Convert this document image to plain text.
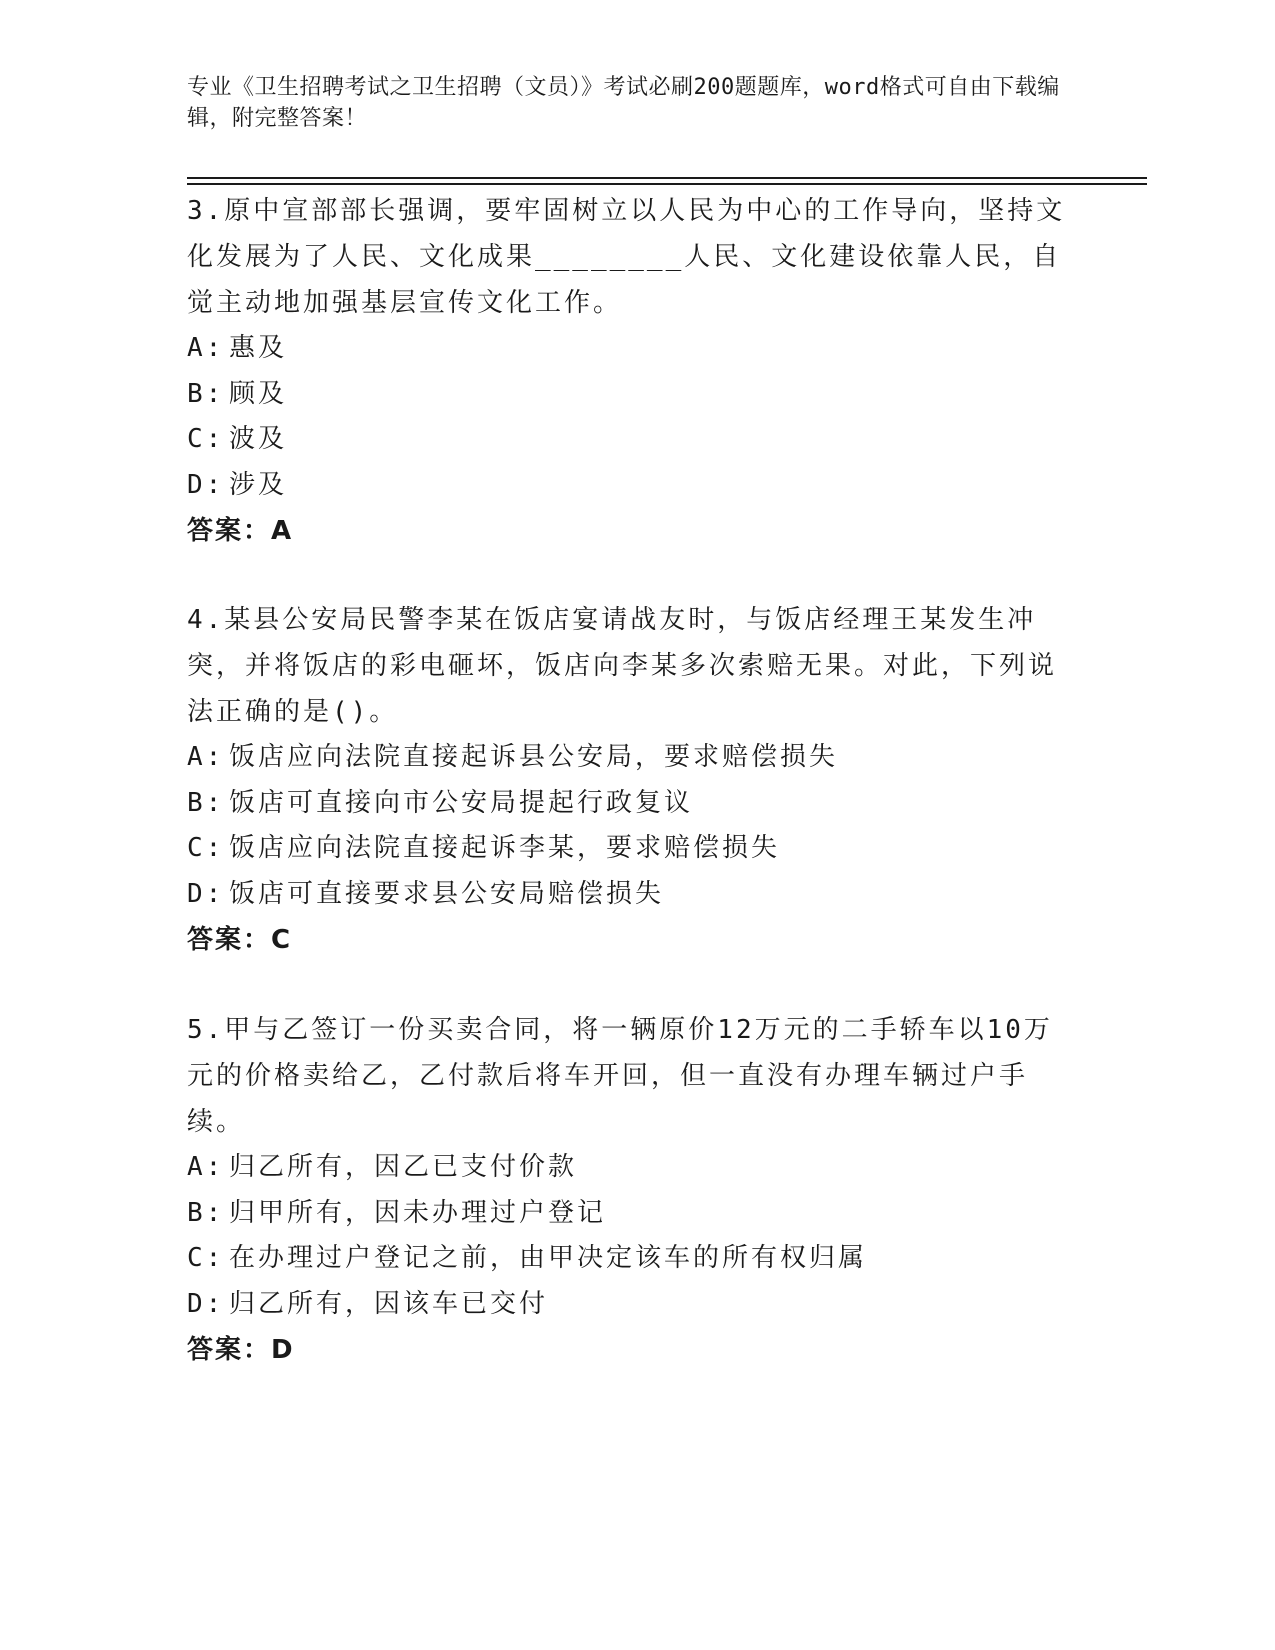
专业《卫生招聘考试之卫生招聘（文员）》考试必刷200题题库，word格式可自由下载编辑，附完整答案！

3.原中宣部部长强调，要牢固树立以人民为中心的工作导向，坚持文化发展为了人民、文化成果________人民、文化建设依靠人民，自觉主动地加强基层宣传文化工作。

A: 惠及

B: 顾及

C: 波及

D: 涉及

答案：A

4.某县公安局民警李某在饭店宴请战友时，与饭店经理王某发生冲突，并将饭店的彩电砸坏，饭店向李某多次索赔无果。对此，下列说法正确的是()。

A: 饭店应向法院直接起诉县公安局，要求赔偿损失

B: 饭店可直接向市公安局提起行政复议

C: 饭店应向法院直接起诉李某，要求赔偿损失

D: 饭店可直接要求县公安局赔偿损失

答案：C

5.甲与乙签订一份买卖合同，将一辆原价12万元的二手轿车以10万元的价格卖给乙，乙付款后将车开回，但一直没有办理车辆过户手续。

A: 归乙所有，因乙已支付价款

B: 归甲所有，因未办理过户登记

C: 在办理过户登记之前，由甲决定该车的所有权归属

D: 归乙所有，因该车已交付

答案：D
